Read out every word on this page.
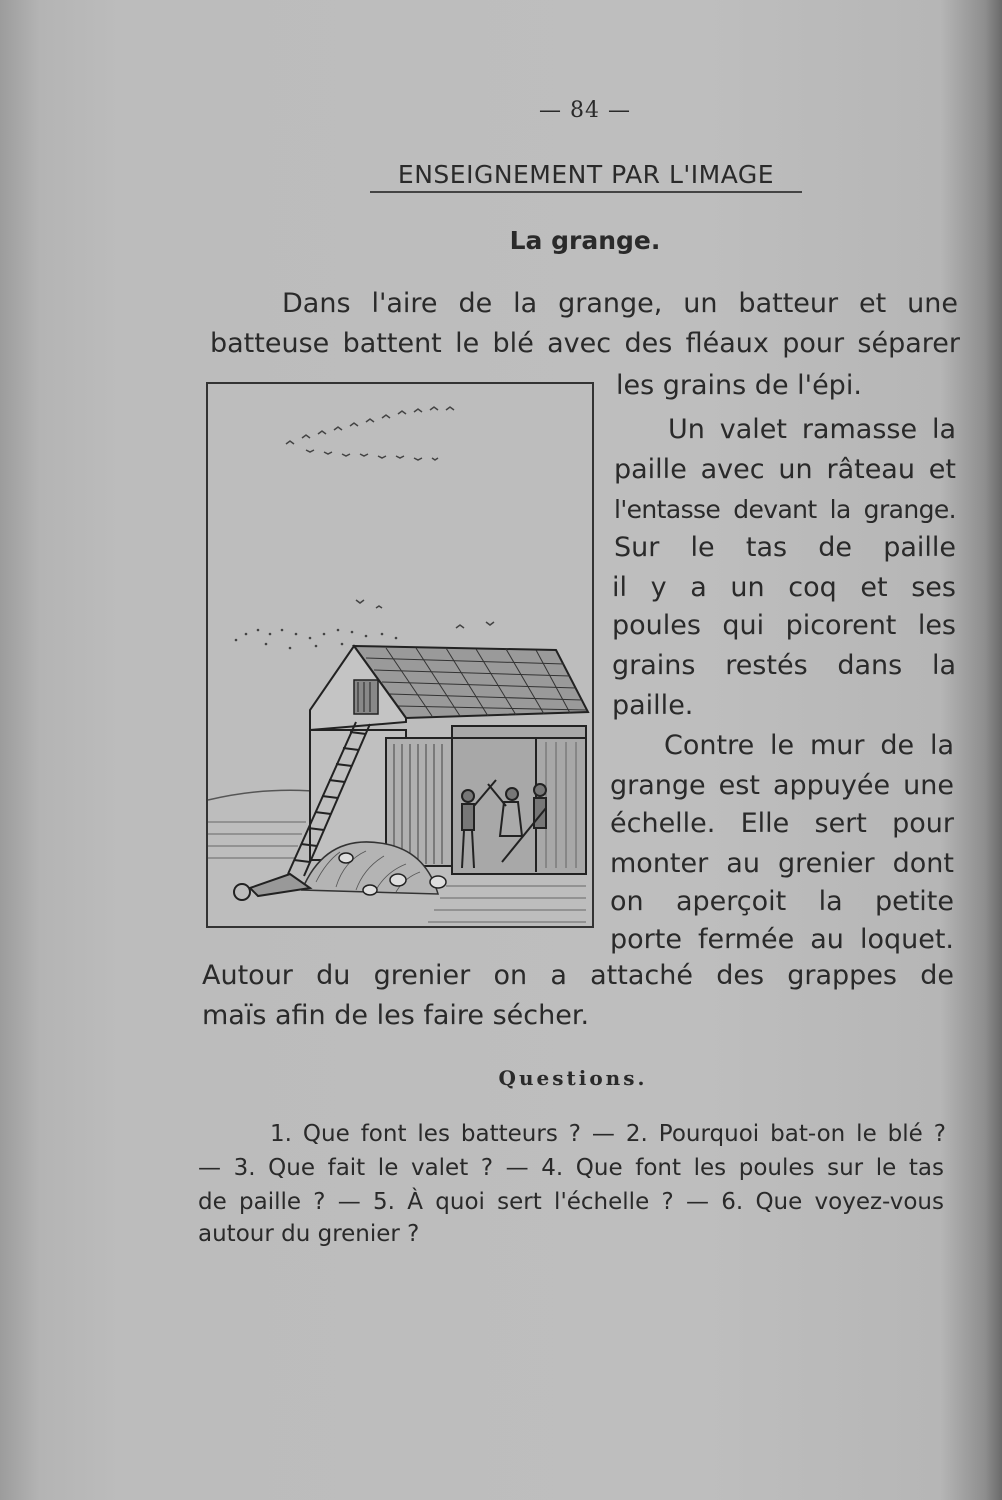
— 84 —
ENSEIGNEMENT PAR L'IMAGE
La grange.
Dans l'aire de la grange, un batteur et une
batteuse battent le blé avec des fléaux pour séparer
les grains de l'épi.
Un valet ramasse la
paille avec un râteau et
l'entasse devant la grange.
Sur le tas de paille
il y a un coq et ses
poules qui picorent les
grains restés dans la
paille.
Contre le mur de la
grange est appuyée une
échelle. Elle sert pour
monter au grenier dont
on aperçoit la petite
porte fermée au loquet.
Autour du grenier on a attaché des grappes de
maïs afin de les faire sécher.
Questions.
1. Que font les batteurs ? — 2. Pourquoi bat-on le blé ?
— 3. Que fait le valet ? — 4. Que font les poules sur le tas
de paille ? — 5. À quoi sert l'échelle ? — 6. Que voyez-vous
autour du grenier ?
